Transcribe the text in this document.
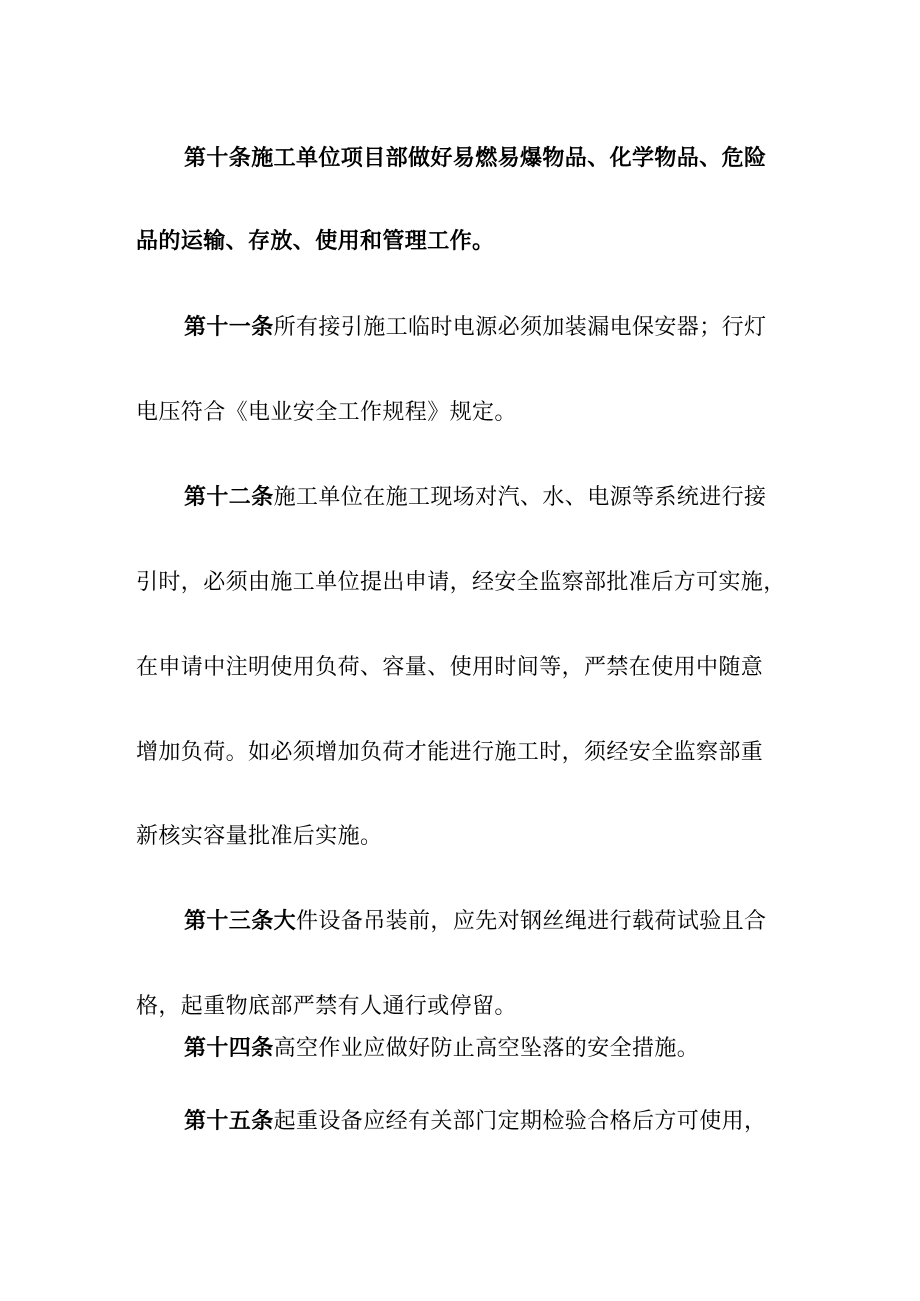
第十条施工单位项目部做好易燃易爆物品、化学物品、危险
品的运输、存放、使用和管理工作。
第十一条所有接引施工临时电源必须加装漏电保安器；行灯
电压符合《电业安全工作规程》规定。
第十二条施工单位在施工现场对汽、水、电源等系统进行接
引时，必须由施工单位提出申请，经安全监察部批准后方可实施，
在申请中注明使用负荷、容量、使用时间等，严禁在使用中随意
增加负荷。如必须增加负荷才能进行施工时，须经安全监察部重
新核实容量批准后实施。
第十三条大件设备吊装前，应先对钢丝绳进行载荷试验且合
格，起重物底部严禁有人通行或停留。
第十四条高空作业应做好防止高空坠落的安全措施。
第十五条起重设备应经有关部门定期检验合格后方可使用，
